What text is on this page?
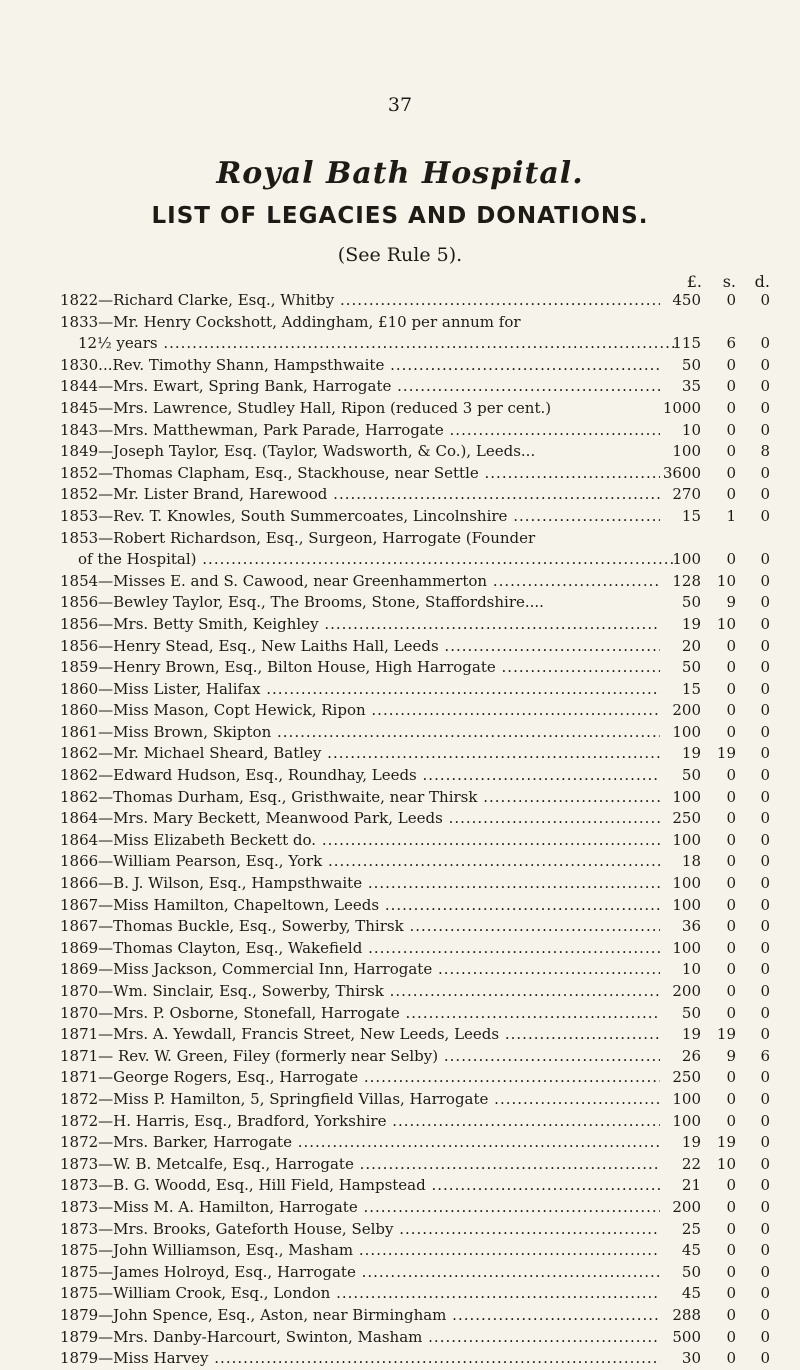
37
Royal Bath Hospital.
LIST OF LEGACIES AND DONATIONS.
(See Rule 5).
£.	s.	d.
1822—Richard Clarke, Esq., Whitby .....	450	0	0
1833—Mr. Henry Cockshott, Addingham, £10 per annum for
12½ years .....	115	6	0
1830...Rev. Timothy Shann, Hampsthwaite .....	50	0	0
1844—Mrs. Ewart, Spring Bank, Harrogate .....	35	0	0
1845—Mrs. Lawrence, Studley Hall, Ripon (reduced 3 per cent.)	1000	0	0
1843—Mrs. Matthewman, Park Parade, Harrogate .....	10	0	0
1849—Joseph Taylor, Esq. (Taylor, Wadsworth, & Co.), Leeds...	100	0	8
1852—Thomas Clapham, Esq., Stackhouse, near Settle .....	3600	0	0
1852—Mr. Lister Brand, Harewood .....	270	0	0
1853—Rev. T. Knowles, South Summercoates, Lincolnshire .....	15	1	0
1853—Robert Richardson, Esq., Surgeon, Harrogate (Founder
of the Hospital) .....	100	0	0
1854—Misses E. and S. Cawood, near Greenhammerton .....	128	10	0
1856—Bewley Taylor, Esq., The Brooms, Stone, Staffordshire....	50	9	0
1856—Mrs. Betty Smith, Keighley .....	19	10	0
1856—Henry Stead, Esq., New Laiths Hall, Leeds .....	20	0	0
1859—Henry Brown, Esq., Bilton House, High Harrogate .....	50	0	0
1860—Miss Lister, Halifax .....	15	0	0
1860—Miss Mason, Copt Hewick, Ripon .....	200	0	0
1861—Miss Brown, Skipton .....	100	0	0
1862—Mr. Michael Sheard, Batley .....	19	19	0
1862—Edward Hudson, Esq., Roundhay, Leeds .....	50	0	0
1862—Thomas Durham, Esq., Gristhwaite, near Thirsk .....	100	0	0
1864—Mrs. Mary Beckett, Meanwood Park, Leeds .....	250	0	0
1864—Miss Elizabeth Beckett do. .....	100	0	0
1866—William Pearson, Esq., York .....	18	0	0
1866—B. J. Wilson, Esq., Hampsthwaite .....	100	0	0
1867—Miss Hamilton, Chapeltown, Leeds .....	100	0	0
1867—Thomas Buckle, Esq., Sowerby, Thirsk .....	36	0	0
1869—Thomas Clayton, Esq., Wakefield .....	100	0	0
1869—Miss Jackson, Commercial Inn, Harrogate .....	10	0	0
1870—Wm. Sinclair, Esq., Sowerby, Thirsk .....	200	0	0
1870—Mrs. P. Osborne, Stonefall, Harrogate .....	50	0	0
1871—Mrs. A. Yewdall, Francis Street, New Leeds, Leeds .....	19	19	0
1871— Rev. W. Green, Filey (formerly near Selby) .....	26	9	6
1871—George Rogers, Esq., Harrogate .....	250	0	0
1872—Miss P. Hamilton, 5, Springfield Villas, Harrogate .....	100	0	0
1872—H. Harris, Esq., Bradford, Yorkshire .....	100	0	0
1872—Mrs. Barker, Harrogate .....	19	19	0
1873—W. B. Metcalfe, Esq., Harrogate .....	22	10	0
1873—B. G. Woodd, Esq., Hill Field, Hampstead .....	21	0	0
1873—Miss M. A. Hamilton, Harrogate .....	200	0	0
1873—Mrs. Brooks, Gateforth House, Selby .....	25	0	0
1875—John Williamson, Esq., Masham .....	45	0	0
1875—James Holroyd, Esq., Harrogate .....	50	0	0
1875—William Crook, Esq., London .....	45	0	0
1879—John Spence, Esq., Aston, near Birmingham .....	288	0	0
1879—Mrs. Danby-Harcourt, Swinton, Masham .....	500	0	0
1879—Miss Harvey .....	30	0	0
